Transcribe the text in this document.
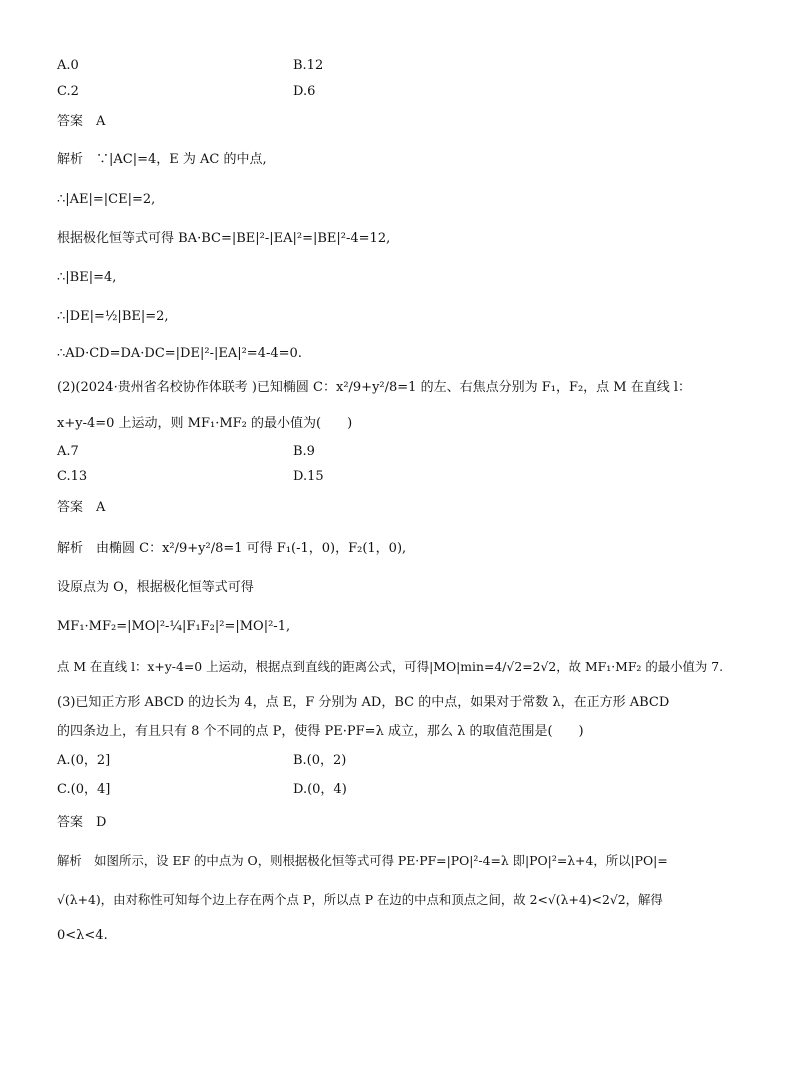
A.0	B.12
C.2	D.6
答案　A
解析　∵|AC|=4，E 为 AC 的中点,
∴|AE|=|CE|=2,
根据极化恒等式可得 BA·BC=|BE|²-|EA|²=|BE|²-4=12,
∴|BE|=4,
∴|DE|=½|BE|=2,
∴AD·CD=DA·DC=|DE|²-|EA|²=4-4=0.
(2)(2024·贵州省名校协作体联考 )已知椭圆 C：x²/9+y²/8=1 的左、右焦点分别为 F₁，F₂，点 M 在直线 l：
x+y-4=0 上运动，则 MF₁·MF₂ 的最小值为(　　)
A.7	B.9
C.13	D.15
答案　A
解析　由椭圆 C：x²/9+y²/8=1 可得 F₁(-1，0)，F₂(1，0),
设原点为 O，根据极化恒等式可得
MF₁·MF₂=|MO|²-¼|F₁F₂|²=|MO|²-1,
点 M 在直线 l：x+y-4=0 上运动，根据点到直线的距离公式，可得|MO|min=4/√2=2√2，故 MF₁·MF₂ 的最小值为 7.
(3)已知正方形 ABCD 的边长为 4，点 E，F 分别为 AD，BC 的中点，如果对于常数 λ，在正方形 ABCD
的四条边上，有且只有 8 个不同的点 P，使得 PE·PF=λ 成立，那么 λ 的取值范围是(　　)
A.(0，2]	B.(0，2)
C.(0，4]	D.(0，4)
答案　D
解析　如图所示，设 EF 的中点为 O，则根据极化恒等式可得 PE·PF=|PO|²-4=λ 即|PO|²=λ+4，所以|PO|=
√(λ+4)，由对称性可知每个边上存在两个点 P，所以点 P 在边的中点和顶点之间，故 2<√(λ+4)<2√2，解得
0<λ<4.
